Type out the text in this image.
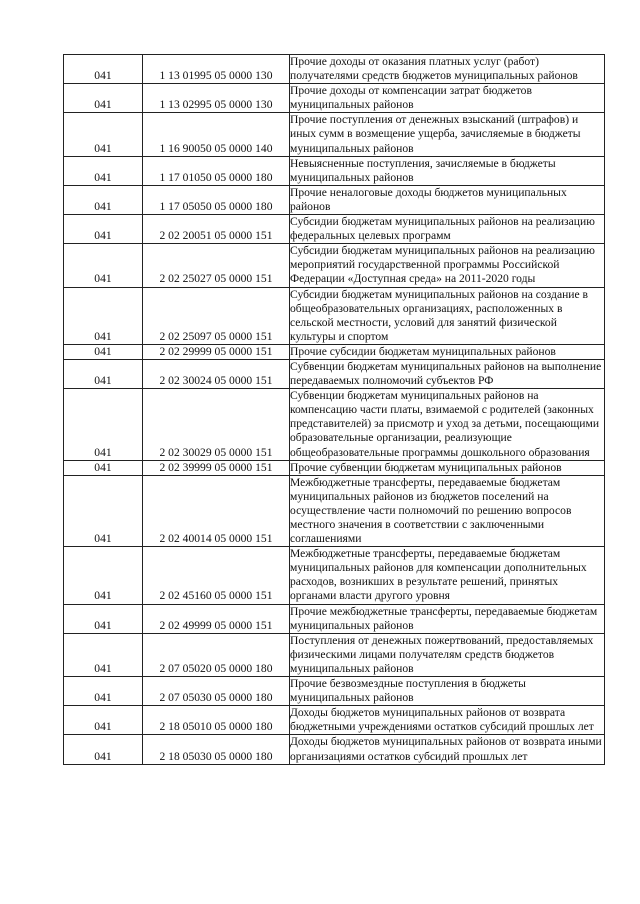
041	1 13 01995 05 0000 130	Прочие доходы от оказания платных услуг (работ) получателями средств бюджетов муниципальных районов
041	1 13 02995 05 0000 130	Прочие доходы от компенсации затрат бюджетов муниципальных районов
041	1 16 90050 05 0000 140	Прочие поступления от денежных взысканий (штрафов) и иных сумм в возмещение ущерба, зачисляемые в бюджеты муниципальных районов
041	1 17 01050 05 0000 180	Невыясненные поступления, зачисляемые в бюджеты муниципальных районов
041	1 17 05050 05 0000 180	Прочие неналоговые доходы бюджетов муниципальных районов
041	2 02 20051 05 0000 151	Субсидии бюджетам муниципальных районов на реализацию федеральных целевых программ
041	2 02 25027 05 0000 151	Субсидии бюджетам муниципальных районов на реализацию мероприятий государственной программы Российской Федерации «Доступная среда» на 2011-2020 годы
041	2 02 25097 05 0000 151	Субсидии бюджетам муниципальных районов на создание в общеобразовательных организациях, расположенных в сельской местности, условий для занятий физической культуры и спортом
041	2 02 29999 05 0000 151	Прочие субсидии бюджетам муниципальных районов
041	2 02 30024 05 0000 151	Субвенции бюджетам муниципальных районов на выполнение передаваемых полномочий субъектов РФ
041	2 02 30029 05 0000 151	Субвенции бюджетам муниципальных районов на компенсацию части платы, взимаемой с родителей (законных представителей) за присмотр и уход за детьми, посещающими образовательные организации, реализующие общеобразовательные программы дошкольного образования
041	2 02 39999 05 0000 151	Прочие субвенции бюджетам муниципальных районов
041	2 02 40014 05 0000 151	Межбюджетные трансферты, передаваемые бюджетам муниципальных районов из бюджетов поселений на осуществление части полномочий по решению вопросов местного значения в соответствии с заключенными соглашениями
041	2 02 45160 05 0000 151	Межбюджетные трансферты, передаваемые бюджетам муниципальных районов для компенсации дополнительных расходов, возникших в результате решений, принятых органами власти другого уровня
041	2 02 49999 05 0000 151	Прочие межбюджетные трансферты, передаваемые бюджетам муниципальных районов
041	2 07 05020 05 0000 180	Поступления от денежных пожертвований, предоставляемых физическими лицами получателям средств бюджетов муниципальных районов
041	2 07 05030 05 0000 180	Прочие безвозмездные поступления в бюджеты муниципальных районов
041	2 18 05010 05 0000 180	Доходы бюджетов муниципальных районов от возврата бюджетными учреждениями остатков субсидий прошлых лет
041	2 18 05030 05 0000 180	Доходы бюджетов муниципальных районов от возврата иными организациями остатков субсидий прошлых лет
